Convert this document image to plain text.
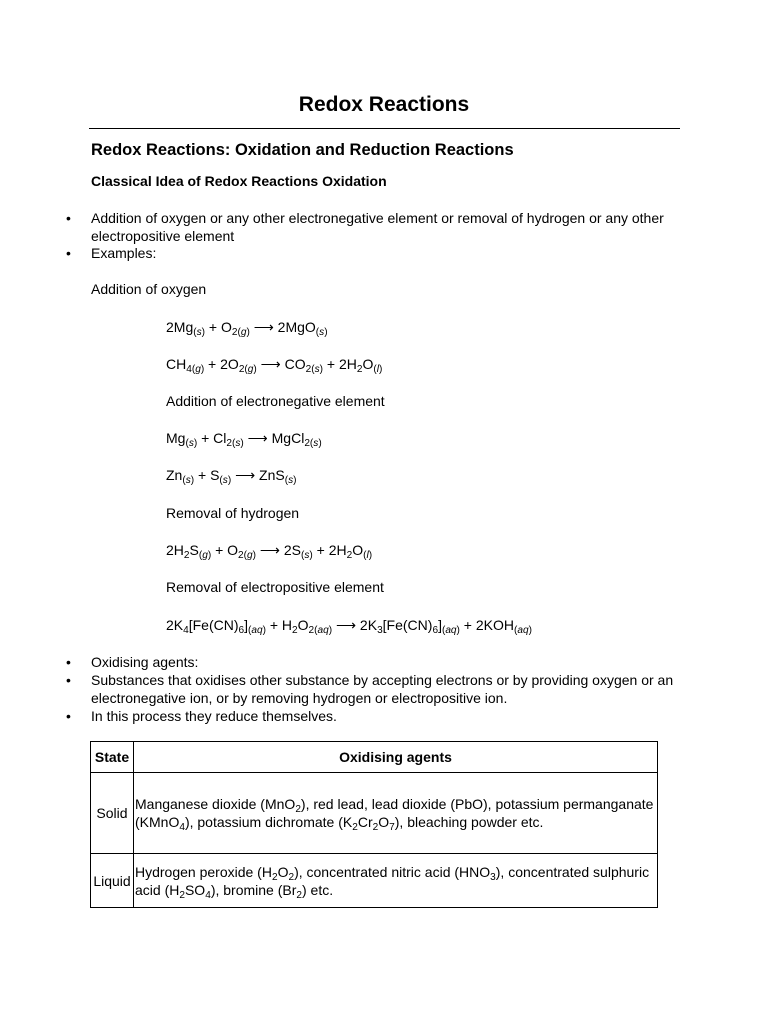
Redox Reactions
Redox Reactions: Oxidation and Reduction Reactions
Classical Idea of Redox Reactions Oxidation
• Addition of oxygen or any other electronegative element or removal of hydrogen or any other electropositive element
• Examples:
Addition of oxygen
$2Mg_{(s)} + O_{2(g)}$ ⟶ 2MgO$_{(s)}$
$CH_{4(g)} + 2O_{2(g)}$ ⟶ $CO_{2(s)} + 2H_2O_{(l)}$
Addition of electronegative element
$Mg_{(s)} + Cl_{2(s)}$ ⟶ MgCl$_{2(s)}$
$Zn_{(s)} + S_{(s)}$ ⟶ ZnS$_{(s)}$
Removal of hydrogen
$2H_2S_{(g)} + O_{2(g)}$ ⟶ $2S_{(s)} + 2H_2O_{(l)}$
Removal of electropositive element
$2K_4[Fe(CN)_6]_{(aq)} + H_2O_{2(aq)}$ ⟶ $2K_3[Fe(CN)_6]_{(aq)} + 2KOH_{(aq)}$
• Oxidising agents:
• Substances that oxidises other substance by accepting electrons or by providing oxygen or an electronegative ion, or by removing hydrogen or electropositive ion.
• In this process they reduce themselves.
State	Oxidising agents
Solid	Manganese dioxide (MnO$_2$), red lead, lead dioxide (PbO), potassium permanganate (KMnO$_4$), potassium dichromate $(K_2Cr_2O_7)$, bleaching powder etc.
Liquid	Hydrogen peroxide $(H_2O_2)$, concentrated nitric acid $(HNO_3)$, concentrated sulphuric acid $(H_2SO_4)$, bromine $(Br_2)$ etc.
